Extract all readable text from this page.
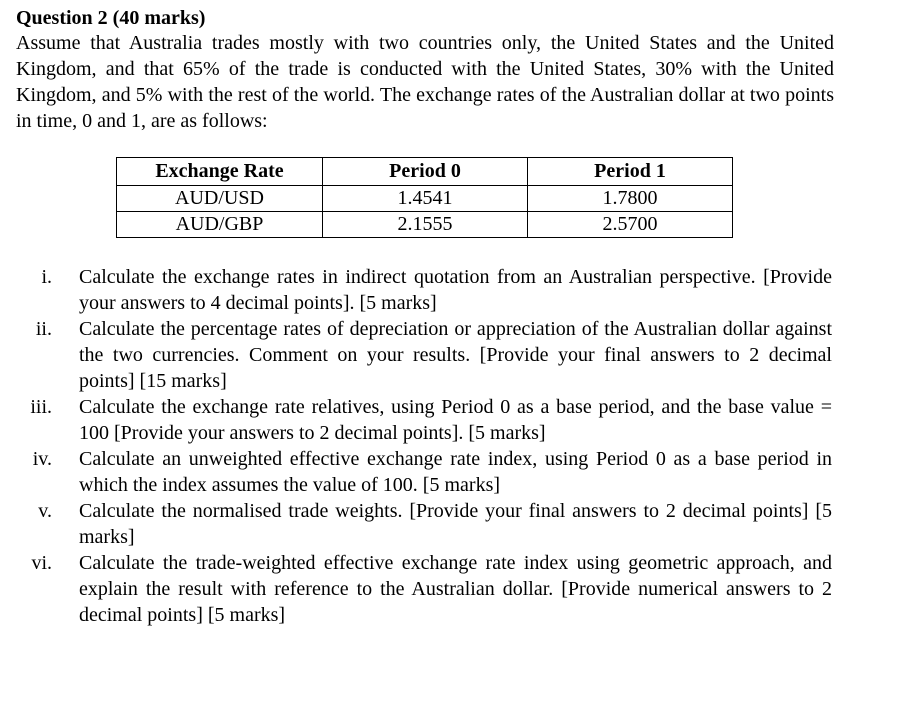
Question 2 (40 marks)
Assume that Australia trades mostly with two countries only, the United States and the United Kingdom, and that 65% of the trade is conducted with the United States, 30% with the United Kingdom, and 5% with the rest of the world. The exchange rates of the Australian dollar at two points in time, 0 and 1, are as follows:
Exchange Rate	Period 0	Period 1
AUD/USD	1.4541	1.7800
AUD/GBP	2.1555	2.5700
i. Calculate the exchange rates in indirect quotation from an Australian perspective. [Provide your answers to 4 decimal points]. [5 marks]
ii. Calculate the percentage rates of depreciation or appreciation of the Australian dollar against the two currencies. Comment on your results. [Provide your final answers to 2 decimal points] [15 marks]
iii. Calculate the exchange rate relatives, using Period 0 as a base period, and the base value = 100 [Provide your answers to 2 decimal points]. [5 marks]
iv. Calculate an unweighted effective exchange rate index, using Period 0 as a base period in which the index assumes the value of 100. [5 marks]
v. Calculate the normalised trade weights. [Provide your final answers to 2 decimal points] [5 marks]
vi. Calculate the trade-weighted effective exchange rate index using geometric approach, and explain the result with reference to the Australian dollar. [Provide numerical answers to 2 decimal points] [5 marks]
